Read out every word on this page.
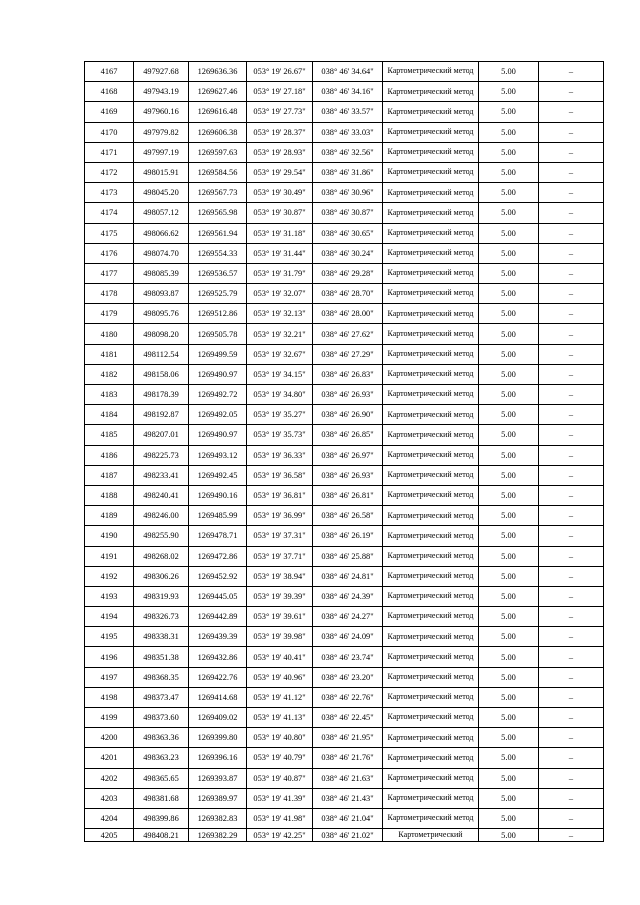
4167	497927.68	1269636.36	053° 19' 26.67"	038° 46' 34.64"	Картометрический метод	5.00	–
4168	497943.19	1269627.46	053° 19' 27.18"	038° 46' 34.16"	Картометрический метод	5.00	–
4169	497960.16	1269616.48	053° 19' 27.73"	038° 46' 33.57"	Картометрический метод	5.00	–
4170	497979.82	1269606.38	053° 19' 28.37"	038° 46' 33.03"	Картометрический метод	5.00	–
4171	497997.19	1269597.63	053° 19' 28.93"	038° 46' 32.56"	Картометрический метод	5.00	–
4172	498015.91	1269584.56	053° 19' 29.54"	038° 46' 31.86"	Картометрический метод	5.00	–
4173	498045.20	1269567.73	053° 19' 30.49"	038° 46' 30.96"	Картометрический метод	5.00	–
4174	498057.12	1269565.98	053° 19' 30.87"	038° 46' 30.87"	Картометрический метод	5.00	–
4175	498066.62	1269561.94	053° 19' 31.18"	038° 46' 30.65"	Картометрический метод	5.00	–
4176	498074.70	1269554.33	053° 19' 31.44"	038° 46' 30.24"	Картометрический метод	5.00	–
4177	498085.39	1269536.57	053° 19' 31.79"	038° 46' 29.28"	Картометрический метод	5.00	–
4178	498093.87	1269525.79	053° 19' 32.07"	038° 46' 28.70"	Картометрический метод	5.00	–
4179	498095.76	1269512.86	053° 19' 32.13"	038° 46' 28.00"	Картометрический метод	5.00	–
4180	498098.20	1269505.78	053° 19' 32.21"	038° 46' 27.62"	Картометрический метод	5.00	–
4181	498112.54	1269499.59	053° 19' 32.67"	038° 46' 27.29"	Картометрический метод	5.00	–
4182	498158.06	1269490.97	053° 19' 34.15"	038° 46' 26.83"	Картометрический метод	5.00	–
4183	498178.39	1269492.72	053° 19' 34.80"	038° 46' 26.93"	Картометрический метод	5.00	–
4184	498192.87	1269492.05	053° 19' 35.27"	038° 46' 26.90"	Картометрический метод	5.00	–
4185	498207.01	1269490.97	053° 19' 35.73"	038° 46' 26.85"	Картометрический метод	5.00	–
4186	498225.73	1269493.12	053° 19' 36.33"	038° 46' 26.97"	Картометрический метод	5.00	–
4187	498233.41	1269492.45	053° 19' 36.58"	038° 46' 26.93"	Картометрический метод	5.00	–
4188	498240.41	1269490.16	053° 19' 36.81"	038° 46' 26.81"	Картометрический метод	5.00	–
4189	498246.00	1269485.99	053° 19' 36.99"	038° 46' 26.58"	Картометрический метод	5.00	–
4190	498255.90	1269478.71	053° 19' 37.31"	038° 46' 26.19"	Картометрический метод	5.00	–
4191	498268.02	1269472.86	053° 19' 37.71"	038° 46' 25.88"	Картометрический метод	5.00	–
4192	498306.26	1269452.92	053° 19' 38.94"	038° 46' 24.81"	Картометрический метод	5.00	–
4193	498319.93	1269445.05	053° 19' 39.39"	038° 46' 24.39"	Картометрический метод	5.00	–
4194	498326.73	1269442.89	053° 19' 39.61"	038° 46' 24.27"	Картометрический метод	5.00	–
4195	498338.31	1269439.39	053° 19' 39.98"	038° 46' 24.09"	Картометрический метод	5.00	–
4196	498351.38	1269432.86	053° 19' 40.41"	038° 46' 23.74"	Картометрический метод	5.00	–
4197	498368.35	1269422.76	053° 19' 40.96"	038° 46' 23.20"	Картометрический метод	5.00	–
4198	498373.47	1269414.68	053° 19' 41.12"	038° 46' 22.76"	Картометрический метод	5.00	–
4199	498373.60	1269409.02	053° 19' 41.13"	038° 46' 22.45"	Картометрический метод	5.00	–
4200	498363.36	1269399.80	053° 19' 40.80"	038° 46' 21.95"	Картометрический метод	5.00	–
4201	498363.23	1269396.16	053° 19' 40.79"	038° 46' 21.76"	Картометрический метод	5.00	–
4202	498365.65	1269393.87	053° 19' 40.87"	038° 46' 21.63"	Картометрический метод	5.00	–
4203	498381.68	1269389.97	053° 19' 41.39"	038° 46' 21.43"	Картометрический метод	5.00	–
4204	498399.86	1269382.83	053° 19' 41.98"	038° 46' 21.04"	Картометрический метод	5.00	–
4205	498408.21	1269382.29	053° 19' 42.25"	038° 46' 21.02"	Картометрический	5.00	–
